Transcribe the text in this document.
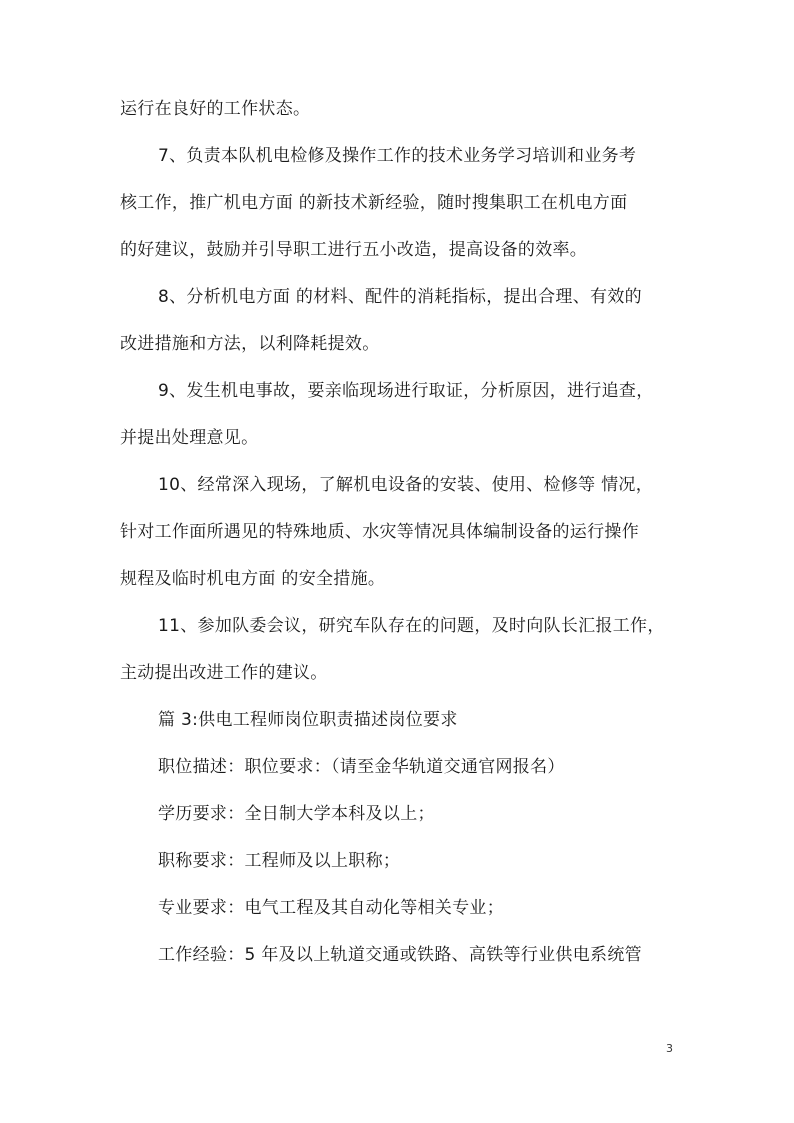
运行在良好的工作状态。
7、负责本队机电检修及操作工作的技术业务学习培训和业务考
核工作，推广机电方面 的新技术新经验，随时搜集职工在机电方面
的好建议，鼓励并引导职工进行五小改造，提高设备的效率。
8、分析机电方面 的材料、配件的消耗指标，提出合理、有效的
改进措施和方法，以利降耗提效。
9、发生机电事故，要亲临现场进行取证，分析原因，进行追查，
并提出处理意见。
10、经常深入现场，了解机电设备的安装、使用、检修等 情况，
针对工作面所遇见的特殊地质、水灾等情况具体编制设备的运行操作
规程及临时机电方面 的安全措施。
11、参加队委会议，研究车队存在的问题，及时向队长汇报工作，
主动提出改进工作的建议。
篇 3:供电工程师岗位职责描述岗位要求
职位描述：职位要求：（请至金华轨道交通官网报名）
学历要求：全日制大学本科及以上；
职称要求：工程师及以上职称；
专业要求：电气工程及其自动化等相关专业；
工作经验：5 年及以上轨道交通或铁路、高铁等行业供电系统管
3
